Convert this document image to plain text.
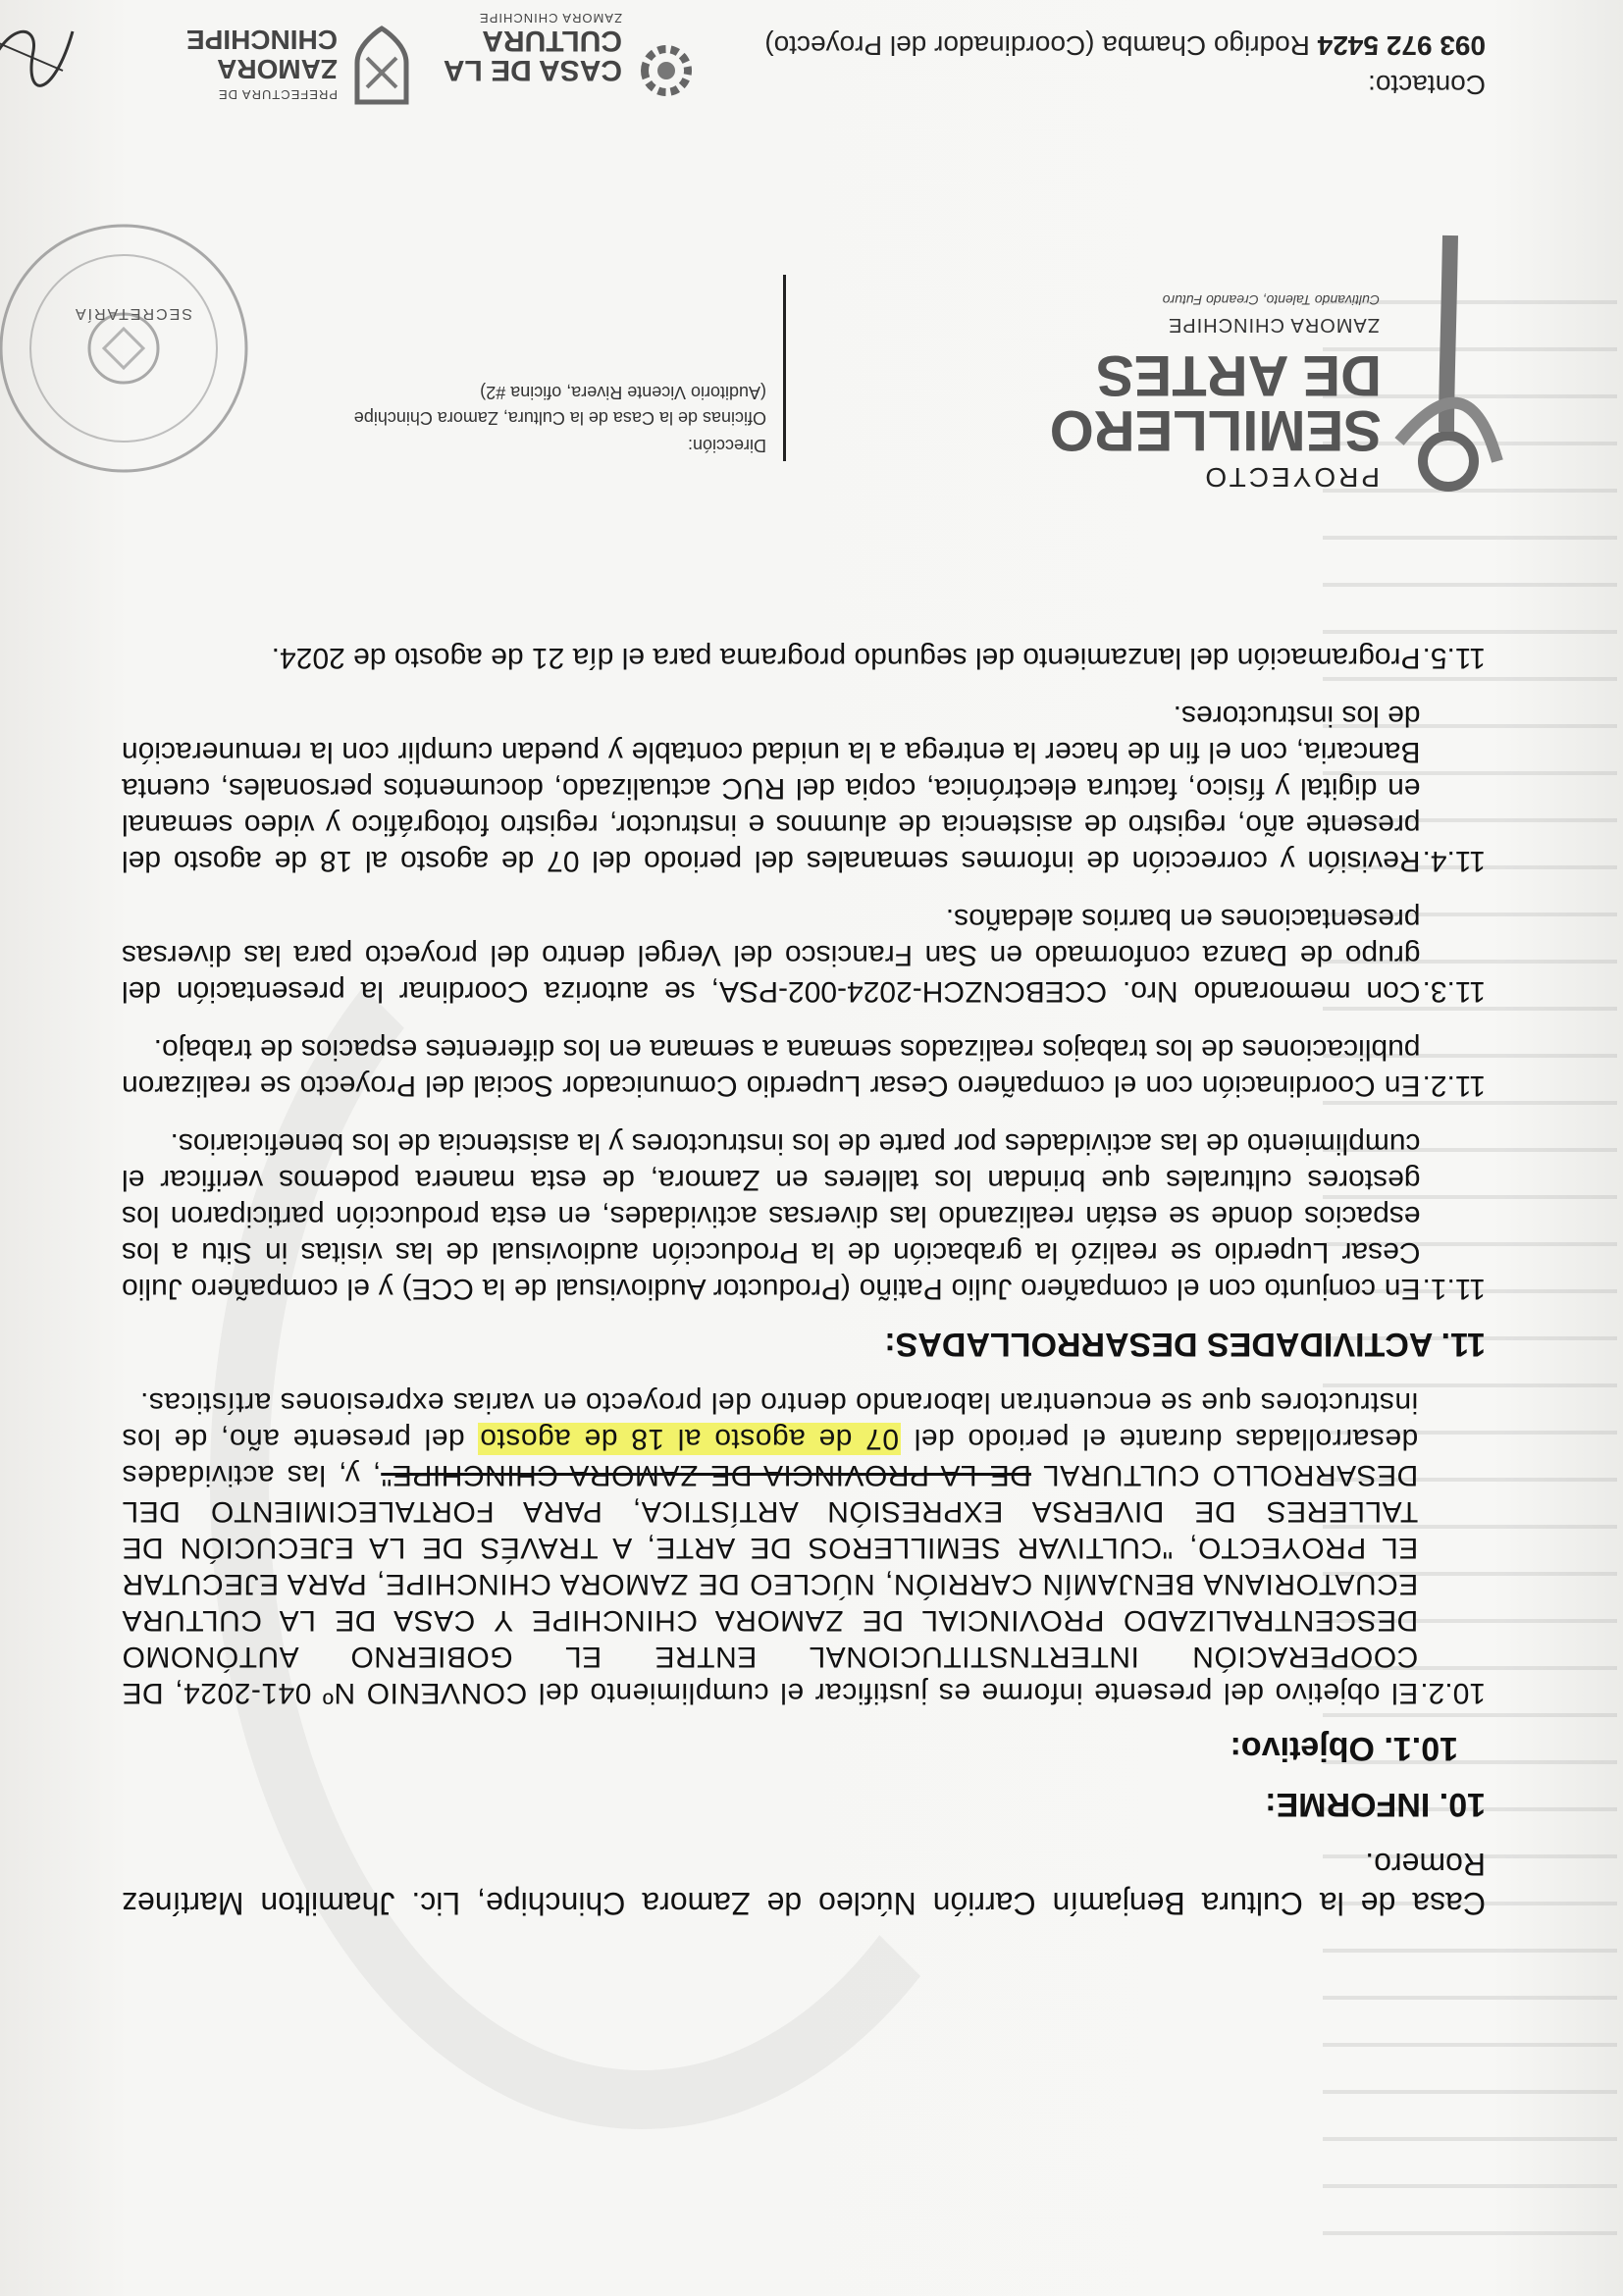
PROYECTO
SEMILLERO
DE ARTES
ZAMORA CHINCHIPE
Cultivando Talento, Creando Futuro
Dirección:
Oficinas de la Casa de la Cultura, Zamora Chinchipe
(Auditorio Vicente Rivera, oficina #2)
SECRETARÍA

Casa de la Cultura Benjamín Carrión Núcleo de Zamora Chinchipe, Lic. Jhamilton Martínez Romero.

10. INFORME:
10.1. Objetivo:
10.2.
El objetivo del presente informe es justificar el cumplimiento del CONVENIO Nº 041-2024, DE COOPERACIÓN INTERTNSTITUCIONAL ENTRE EL GOBIERNO AUTÓNOMO DESCENTRALIZADO PROVINCIAL DE ZAMORA CHINCHIPE Y CASA DE LA CULTURA ECUATORIANA BENJAMÍN CARRIÓN, NÚCLEO DE ZAMORA CHINCHIPE, PARA EJECUTAR EL PROYECTO, "CULTIVAR SEMILLEROS DE ARTE, A TRAVÉS DE LA EJECUCIÓN DE TALLERES DE DIVERSA EXPRESIÓN ARTÍSTICA, PARA FORTALECIMIENTO DEL DESARROLLO CULTURAL DE LA PROVINCIA DE ZAMORA CHINCHIPE", y, las actividades desarrolladas durante el periodo del 07 de agosto al 18 de agosto del presente año, de los instructores que se encuentran laborando dentro del proyecto en varias expresiones artísticas.
11. ACTIVIDADES DESARROLLADAS:
11.1.
En conjunto con el compañero Julio Patiño (Productor Audiovisual de la CCE) y el compañero Julio Cesar Luperdio se realizó la grabación de la Producción audiovisual de las visitas in Situ a los espacios donde se están realizando las diversas actividades, en esta producción participaron los gestores culturales que brindan los talleres en Zamora, de esta manera podemos verificar el cumplimiento de las actividades por parte de los instructores y la asistencia de los beneficiarios.
11.2.
En Coordinación con el compañero Cesar Luperdio Comunicador Social del Proyecto se realizaron publicaciones de los trabajos realizados semana a semana en los diferentes espacios de trabajo.
11.3.
Con memorando Nro. CCEBCNZCH-2024-002-PSA, se autoriza Coordinar la presentación del grupo de Danza conformado en San Francisco del Vergel dentro del proyecto para las diversas presentaciones en barrios aledaños.
11.4.
Revisión y corrección de informes semanales del periodo del 07 de agosto al 18 de agosto del presente año, registro de asistencia de alumnos e instructor, registro fotográfico y video semanal en digital y físico, factura electrónica, copia del RUC actualizado, documentos personales, cuenta Bancaria, con el fin de hacer la entrega a la unidad contable y puedan cumplir con la remuneración de los instructores.
11.5.
Programación del lanzamiento del segundo programa para el día 21 de agosto de 2024.
Contacto:
093 972 5424 Rodrigo Chamba (Coordinador del Proyecto)
CASA DE LA
CULTURA
ZAMORA CHINCHIPE
PREFECTURA DE
ZAMORA
CHINCHIPE
